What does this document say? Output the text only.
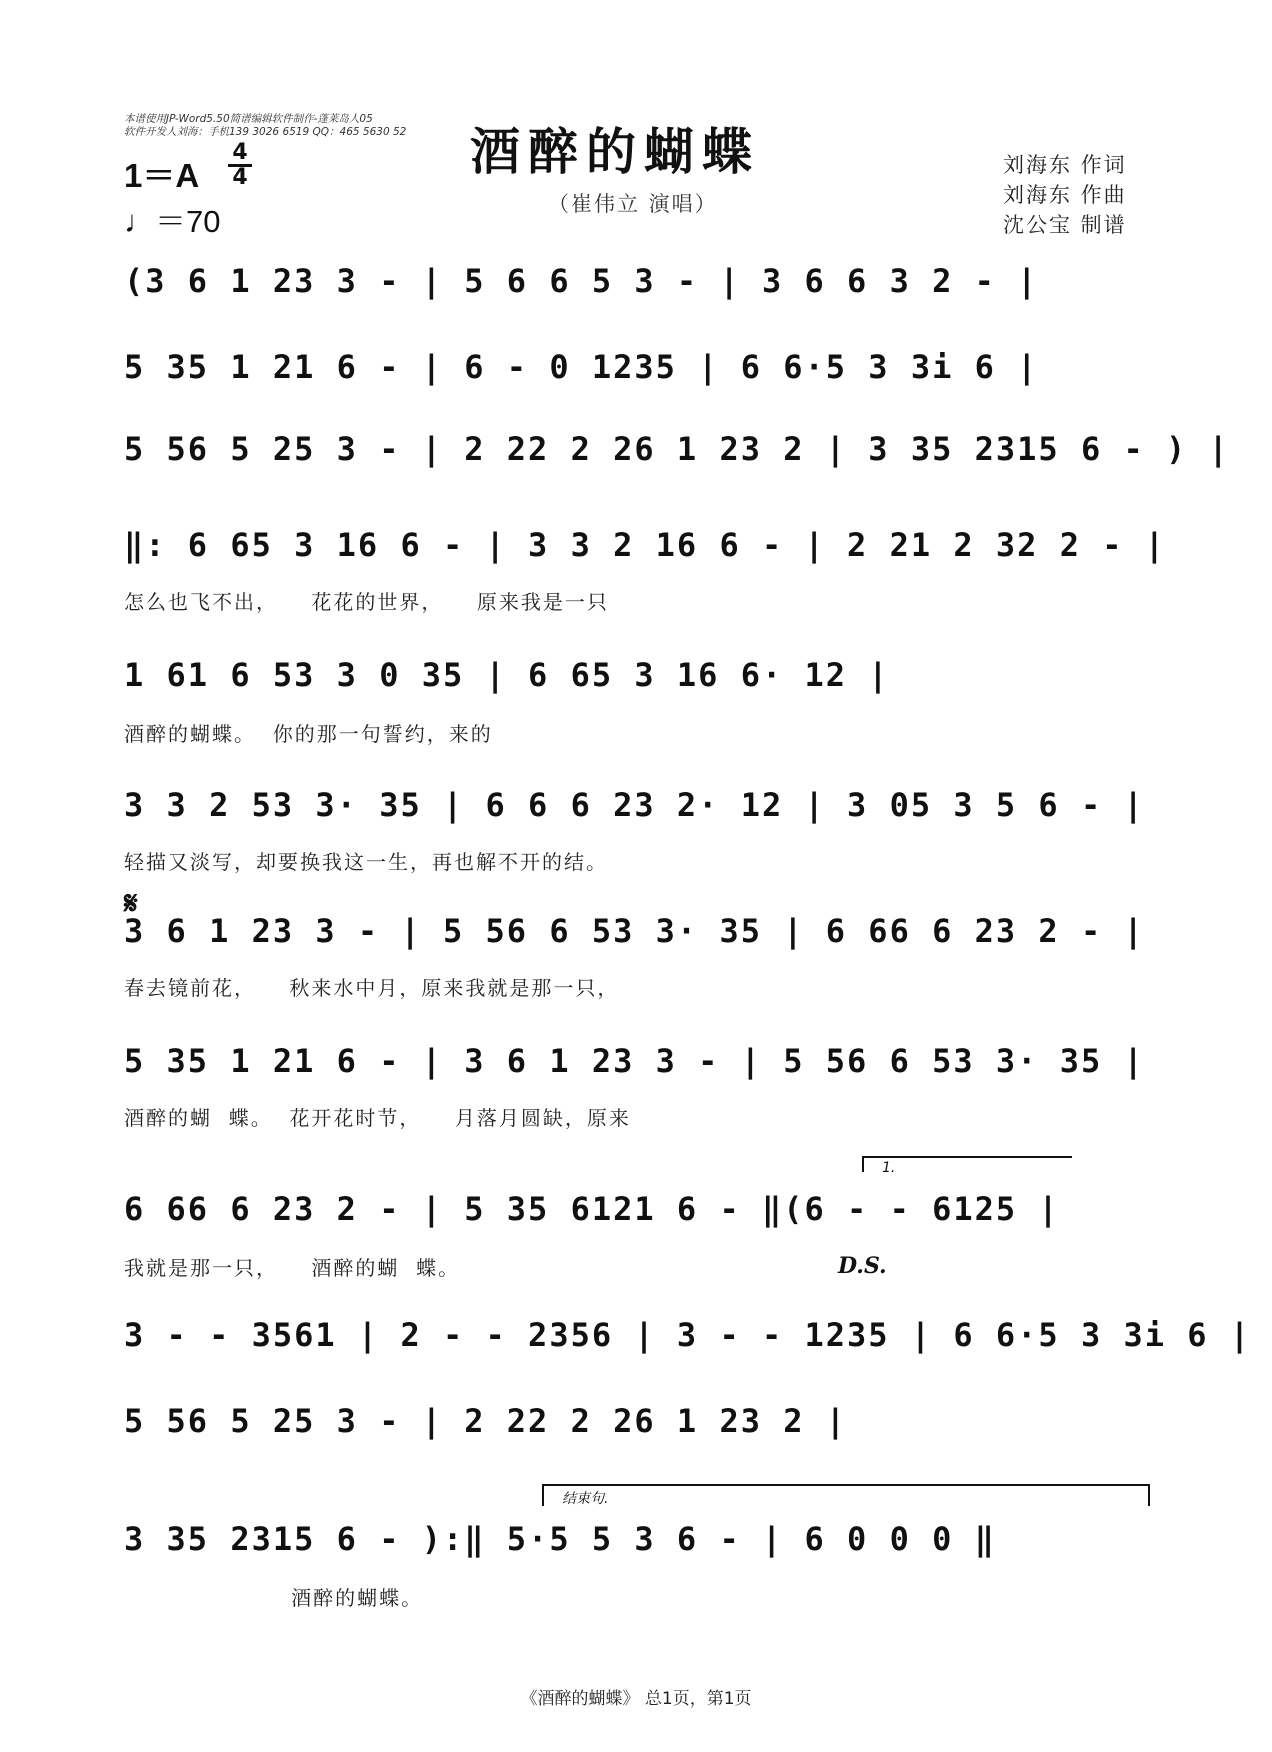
本谱使用JP-Word5.50简谱编辑软件制作-蓬莱岛人05
软件开发人刘海：手机139 3026 6519 QQ：465 5630 52
1＝A
4
4
♩＝70
酒醉的蝴蝶
（崔伟立 演唱）
刘海东 作词
刘海东 作曲
沈公宝 制谱
(3 6 1 23 3 - | 5 6 6 5 3 - | 3 6 6 3 2 - |
5 35 1 21 6 - | 6 - 0 1235 | 6 6·5 3 3i 6 |
5 56 5 25 3 - | 2 22 2 26 1 23 2 | 3 35 2315 6 - ) |
‖: 6 65 3 16 6 - | 3 3 2 16 6 - | 2 21 2 32 2 - |
怎么也飞不出，    花花的世界，    原来我是一只
1 61 6 53 3 0 35 | 6 65 3 16 6· 12 |
酒醉的蝴蝶。  你的那一句誓约，来的
3 3 2 53 3· 35 | 6 6 6 23 2· 12 | 3 05 3 5 6 - |
轻描又淡写，却要换我这一生，再也解不开的结。
𝄋
3 6 1 23 3 - | 5 56 6 53 3· 35 | 6 66 6 23 2 - |
春去镜前花，    秋来水中月，原来我就是那一只，
5 35 1 21 6 - | 3 6 1 23 3 - | 5 56 6 53 3· 35 |
酒醉的蝴  蝶。  花开花时节，    月落月圆缺，原来
1.
6 66 6 23 2 - | 5 35 6121 6 - ‖(6 - - 6125 |
我就是那一只，    酒醉的蝴  蝶。	D.S.
3 - - 3561 | 2 - - 2356 | 3 - - 1235 | 6 6·5 3 3i 6 |
5 56 5 25 3 - | 2 22 2 26 1 23 2 |
结束句.
3 35 2315 6 - ):‖ 5·5 5 3 6 - | 6 0 0 0 ‖
酒醉的蝴蝶。
《酒醉的蝴蝶》 总1页，第1页
